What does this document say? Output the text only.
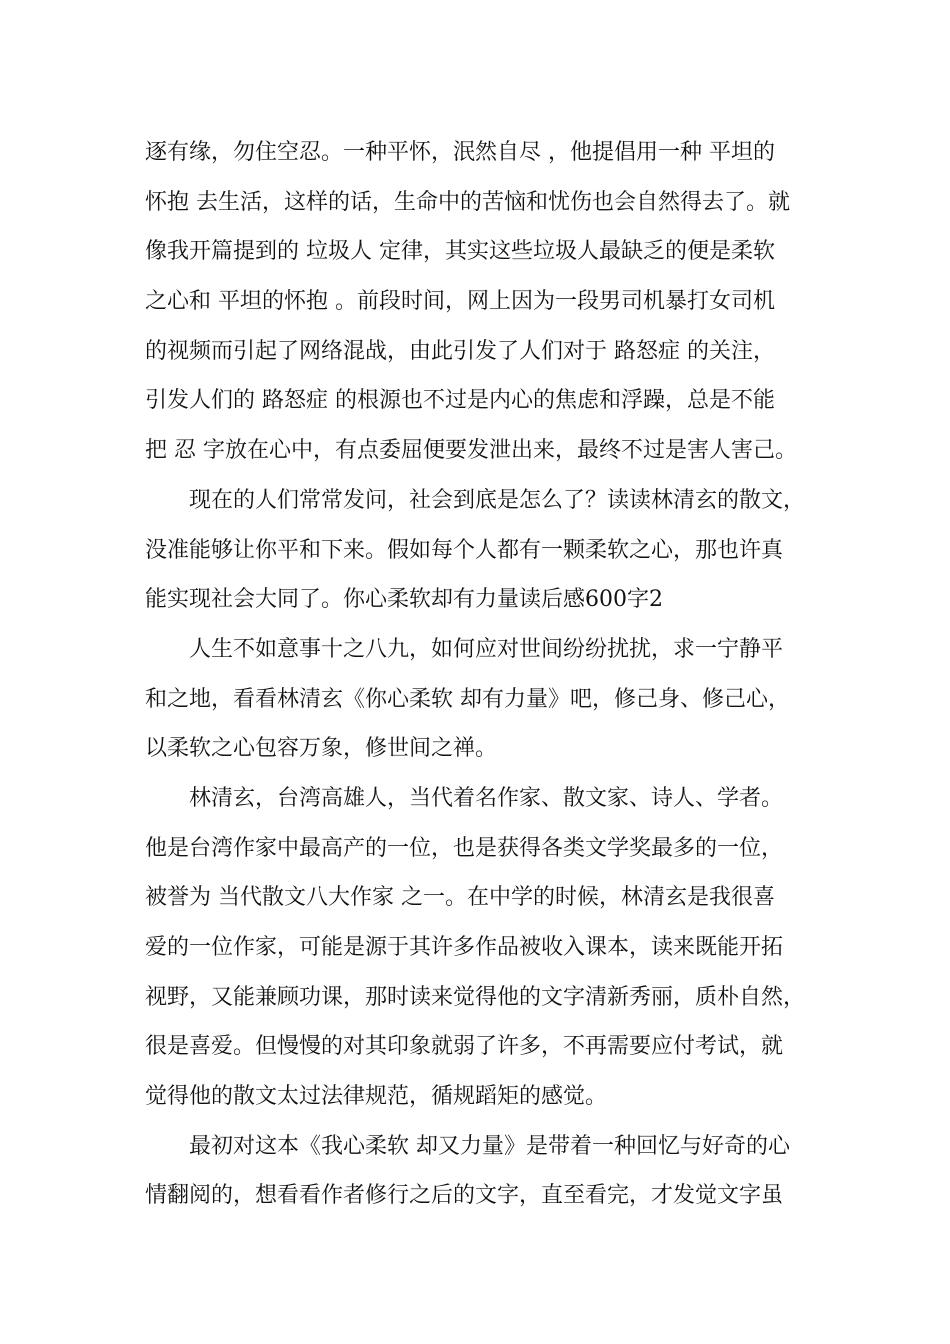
逐有缘，勿住空忍。一种平怀，泯然自尽 ，他提倡用一种 平坦的
怀抱 去生活，这样的话，生命中的苦恼和忧伤也会自然得去了。就
像我开篇提到的 垃圾人 定律，其实这些垃圾人最缺乏的便是柔软
之心和 平坦的怀抱 。前段时间，网上因为一段男司机暴打女司机
的视频而引起了网络混战，由此引发了人们对于 路怒症 的关注，
引发人们的 路怒症 的根源也不过是内心的焦虑和浮躁，总是不能
把 忍 字放在心中，有点委屈便要发泄出来，最终不过是害人害己。
现在的人们常常发问，社会到底是怎么了？读读林清玄的散文，
没准能够让你平和下来。假如每个人都有一颗柔软之心，那也许真
能实现社会大同了。你心柔软却有力量读后感600字2
人生不如意事十之八九，如何应对世间纷纷扰扰，求一宁静平
和之地，看看林清玄《你心柔软 却有力量》吧，修己身、修己心，
以柔软之心包容万象，修世间之禅。
林清玄，台湾高雄人，当代着名作家、散文家、诗人、学者。
他是台湾作家中最高产的一位，也是获得各类文学奖最多的一位，
被誉为 当代散文八大作家 之一。在中学的时候，林清玄是我很喜
爱的一位作家，可能是源于其许多作品被收入课本，读来既能开拓
视野，又能兼顾功课，那时读来觉得他的文字清新秀丽，质朴自然，
很是喜爱。但慢慢的对其印象就弱了许多，不再需要应付考试，就
觉得他的散文太过法律规范，循规蹈矩的感觉。
最初对这本《我心柔软 却又力量》是带着一种回忆与好奇的心
情翻阅的，想看看作者修行之后的文字，直至看完，才发觉文字虽
